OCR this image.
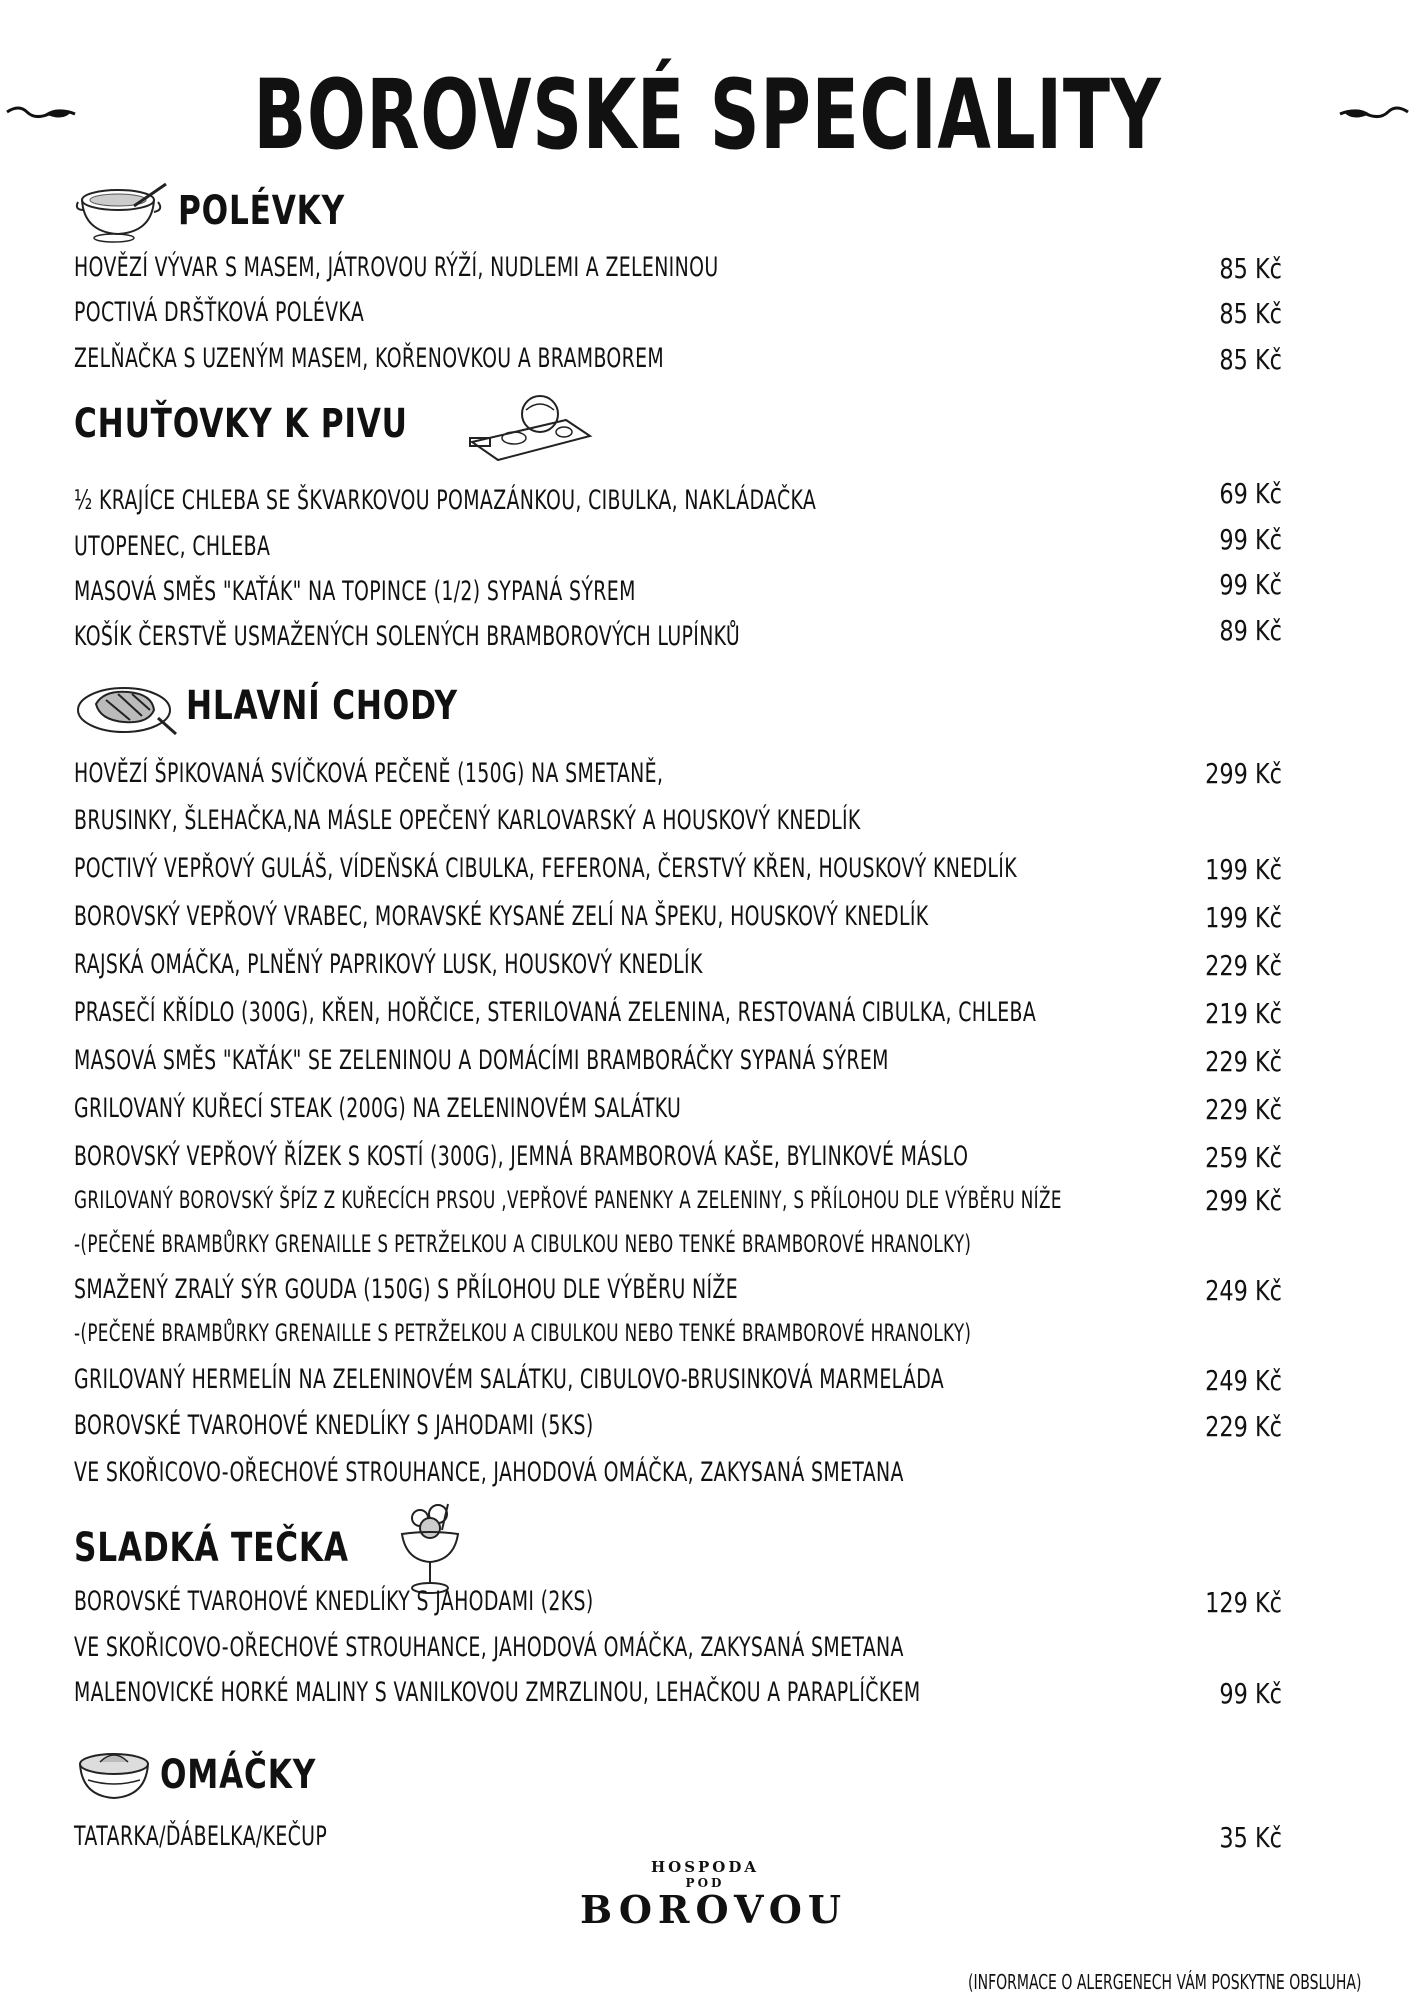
BOROVSKÉ SPECIALITY
POLÉVKY
HOVĚZÍ VÝVAR S MASEM, JÁTROVOU RÝŽÍ, NUDLEMI A ZELENINOU	85 Kč
POCTIVÁ DRŠŤKOVÁ POLÉVKA	85 Kč
ZELŇAČKA S UZENÝM MASEM, KOŘENOVKOU A BRAMBOREM	85 Kč
CHUŤOVKY K PIVU
½ KRAJÍCE CHLEBA SE ŠKVARKOVOU POMAZÁNKOU, CIBULKA, NAKLÁDAČKA	69 Kč
UTOPENEC, CHLEBA	99 Kč
MASOVÁ SMĚS "KAŤÁK" NA TOPINCE (1/2) SYPANÁ SÝREM	99 Kč
KOŠÍK ČERSTVĚ USMAŽENÝCH SOLENÝCH BRAMBOROVÝCH LUPÍNKŮ	89 Kč
HLAVNÍ CHODY
HOVĚZÍ ŠPIKOVANÁ SVÍČKOVÁ PEČENĚ (150G) NA SMETANĚ,	299 Kč
BRUSINKY, ŠLEHAČKA,NA MÁSLE OPEČENÝ KARLOVARSKÝ A HOUSKOVÝ KNEDLÍK
POCTIVÝ VEPŘOVÝ GULÁŠ, VÍDEŇSKÁ CIBULKA, FEFERONA, ČERSTVÝ KŘEN, HOUSKOVÝ KNEDLÍK	199 Kč
BOROVSKÝ VEPŘOVÝ VRABEC, MORAVSKÉ KYSANÉ ZELÍ NA ŠPEKU, HOUSKOVÝ KNEDLÍK	199 Kč
RAJSKÁ OMÁČKA, PLNĚNÝ PAPRIKOVÝ LUSK, HOUSKOVÝ KNEDLÍK	229 Kč
PRASEČÍ KŘÍDLO (300G), KŘEN, HOŘČICE, STERILOVANÁ ZELENINA, RESTOVANÁ CIBULKA, CHLEBA	219 Kč
MASOVÁ SMĚS "KAŤÁK" SE ZELENINOU A DOMÁCÍMI BRAMBORÁČKY SYPANÁ SÝREM	229 Kč
GRILOVANÝ KUŘECÍ STEAK (200G) NA ZELENINOVÉM SALÁTKU	229 Kč
BOROVSKÝ VEPŘOVÝ ŘÍZEK S KOSTÍ (300G), JEMNÁ BRAMBOROVÁ KAŠE, BYLINKOVÉ MÁSLO	259 Kč
GRILOVANÝ BOROVSKÝ ŠPÍZ Z KUŘECÍCH PRSOU ,VEPŘOVÉ PANENKY A ZELENINY, S PŘÍLOHOU DLE VÝBĚRU NÍŽE	299 Kč
-(PEČENÉ BRAMBŮRKY GRENAILLE S PETRŽELKOU A CIBULKOU NEBO TENKÉ BRAMBOROVÉ HRANOLKY)
SMAŽENÝ ZRALÝ SÝR GOUDA (150G) S PŘÍLOHOU DLE VÝBĚRU NÍŽE	249 Kč
-(PEČENÉ BRAMBŮRKY GRENAILLE S PETRŽELKOU A CIBULKOU NEBO TENKÉ BRAMBOROVÉ HRANOLKY)
GRILOVANÝ HERMELÍN NA ZELENINOVÉM SALÁTKU, CIBULOVO-BRUSINKOVÁ MARMELÁDA	249 Kč
BOROVSKÉ TVAROHOVÉ KNEDLÍKY S JAHODAMI (5KS)	229 Kč
VE SKOŘICOVO-OŘECHOVÉ STROUHANCE, JAHODOVÁ OMÁČKA, ZAKYSANÁ SMETANA
SLADKÁ TEČKA
BOROVSKÉ TVAROHOVÉ KNEDLÍKY S JAHODAMI (2KS)	129 Kč
VE SKOŘICOVO-OŘECHOVÉ STROUHANCE, JAHODOVÁ OMÁČKA, ZAKYSANÁ SMETANA
MALENOVICKÉ HORKÉ MALINY S VANILKOVOU ZMRZLINOU, LEHAČKOU A PARAPLÍČKEM	99 Kč
OMÁČKY
TATARKA/ĎÁBELKA/KEČUP	35 Kč
HOSPODA
POD
BOROVOU
(INFORMACE O ALERGENECH VÁM POSKYTNE OBSLUHA)
